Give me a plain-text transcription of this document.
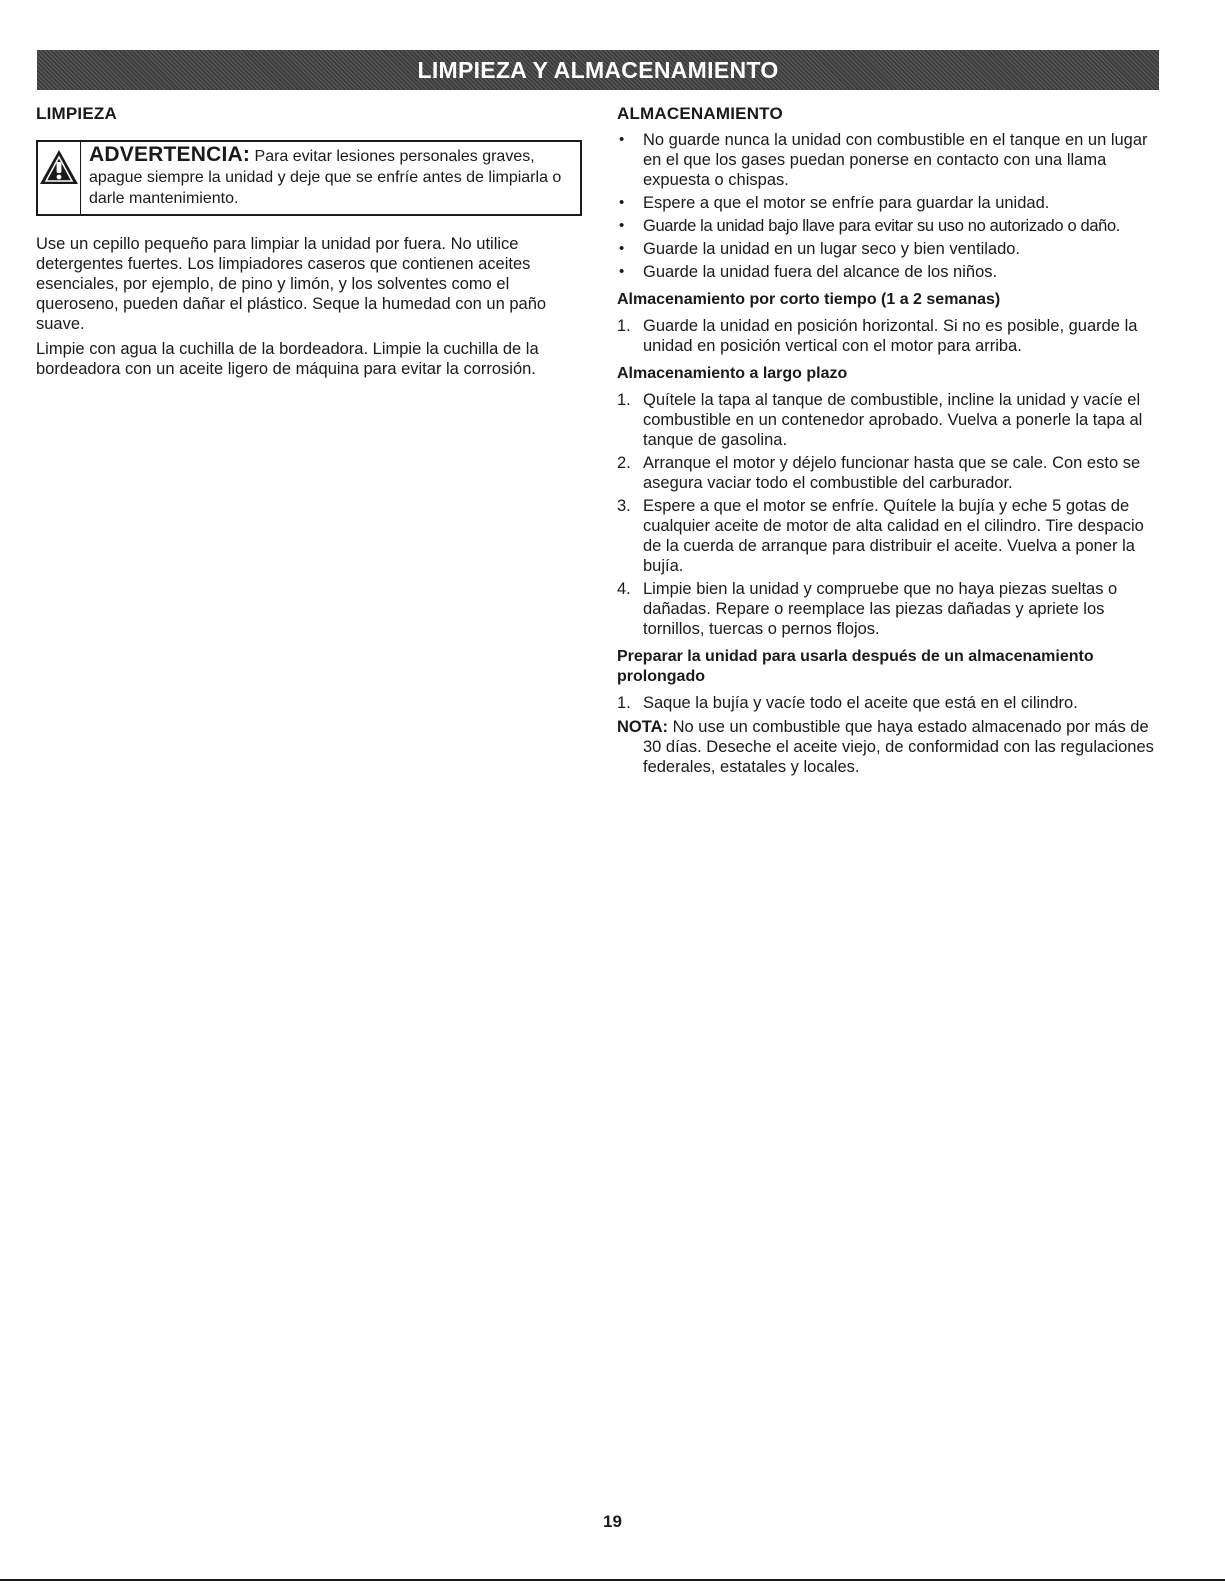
LIMPIEZA Y ALMACENAMIENTO
LIMPIEZA
ADVERTENCIA: Para evitar lesiones personales graves, apague siempre la unidad y deje que se enfríe antes de limpiarla o darle mantenimiento.

Use un cepillo pequeño para limpiar la unidad por fuera. No utilice detergentes fuertes. Los limpiadores caseros que contienen aceites esenciales, por ejemplo, de pino y limón, y los solventes como el queroseno, pueden dañar el plástico. Seque la humedad con un paño suave.

Limpie con agua la cuchilla de la bordeadora. Limpie la cuchilla de la bordeadora con un aceite ligero de máquina para evitar la corrosión.

ALMACENAMIENTO
• No guarde nunca la unidad con combustible en el tanque en un lugar en el que los gases puedan ponerse en contacto con una llama expuesta o chispas.
• Espere a que el motor se enfríe para guardar la unidad.
• Guarde la unidad bajo llave para evitar su uso no autorizado o daño.
• Guarde la unidad en un lugar seco y bien ventilado.
• Guarde la unidad fuera del alcance de los niños.
Almacenamiento por corto tiempo (1 a 2 semanas)
1. Guarde la unidad en posición horizontal. Si no es posible, guarde la unidad en posición vertical con el motor para arriba.
Almacenamiento a largo plazo
1. Quítele la tapa al tanque de combustible, incline la unidad y vacíe el combustible en un contenedor aprobado. Vuelva a ponerle la tapa al tanque de gasolina.
2. Arranque el motor y déjelo funcionar hasta que se cale. Con esto se asegura vaciar todo el combustible del carburador.
3. Espere a que el motor se enfríe. Quítele la bujía y eche 5 gotas de cualquier aceite de motor de alta calidad en el cilindro. Tire despacio de la cuerda de arranque para distribuir el aceite. Vuelva a poner la bujía.
4. Limpie bien la unidad y compruebe que no haya piezas sueltas o dañadas. Repare o reemplace las piezas dañadas y apriete los tornillos, tuercas o pernos flojos.
Preparar la unidad para usarla después de un almacenamiento prolongado
1. Saque la bujía y vacíe todo el aceite que está en el cilindro.
NOTA: No use un combustible que haya estado almacenado por más de 30 días. Deseche el aceite viejo, de conformidad con las regulaciones federales, estatales y locales.
19
